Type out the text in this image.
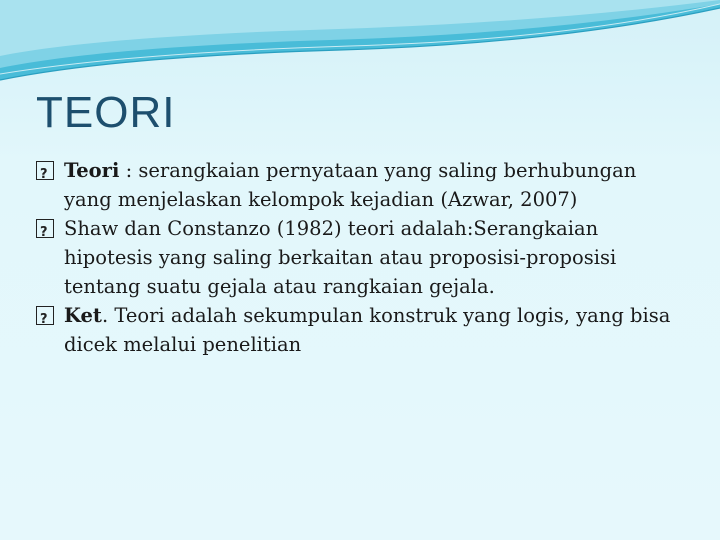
TEORI
?
Teori : serangkaian pernyataan yang saling berhubungan yang menjelaskan kelompok kejadian (Azwar, 2007)
?
Shaw dan Constanzo (1982) teori adalah:Serangkaian hipotesis yang saling berkaitan atau proposisi-proposisi tentang suatu gejala atau rangkaian gejala.
?
Ket. Teori adalah sekumpulan konstruk yang logis, yang bisa dicek melalui penelitian
